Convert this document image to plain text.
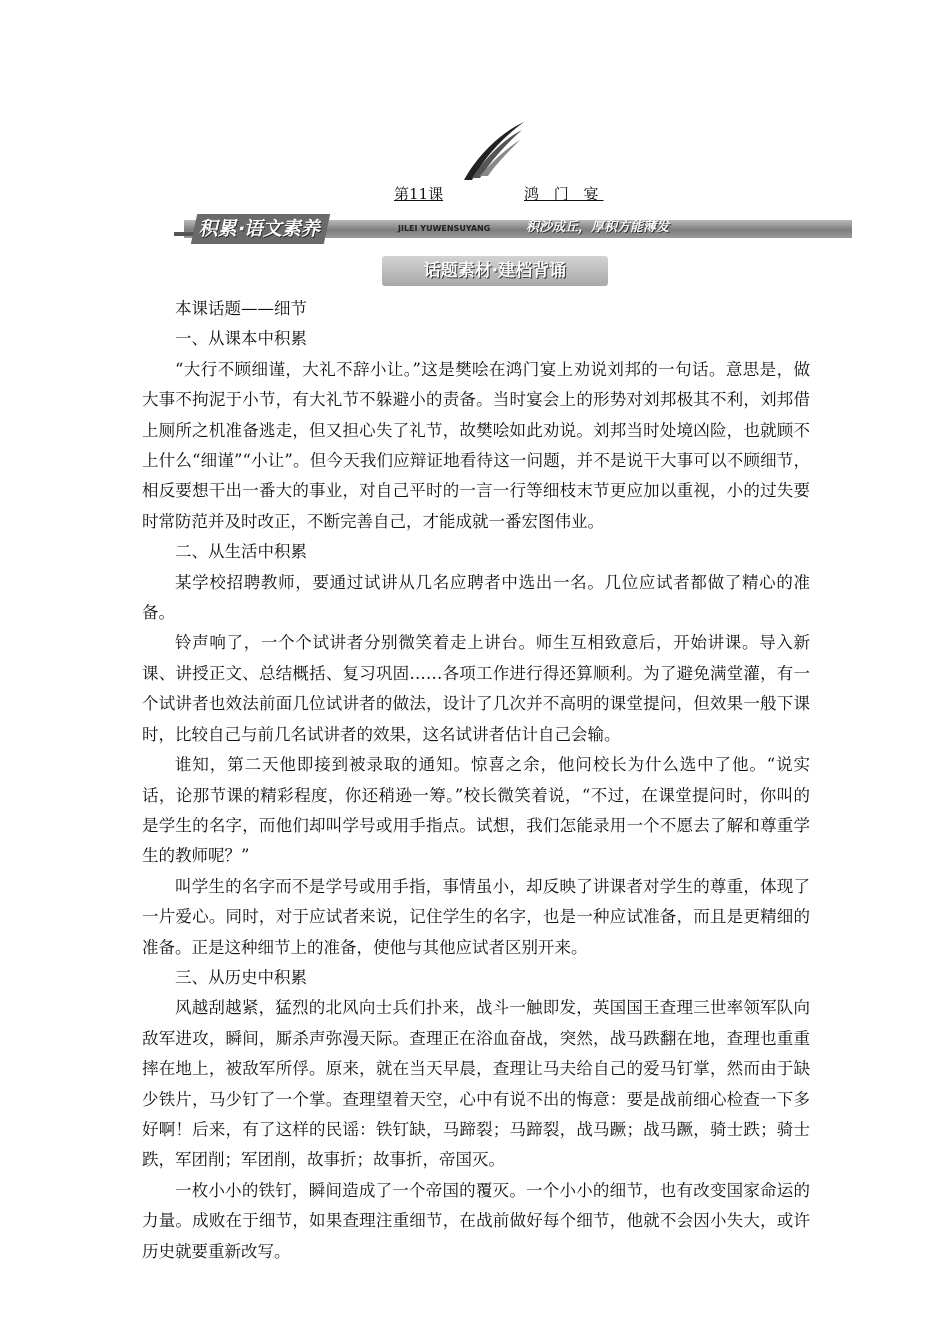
第11课	鸿 门 宴
积累·语文素养	JILEI YUWENSUYANG	积沙成丘，厚积方能薄发
话题素材·建档背诵

本课话题——细节

一、从课本中积累

“大行不顾细谨，大礼不辞小让。”这是樊哙在鸿门宴上劝说刘邦的一句话。意思是，做大事不拘泥于小节，有大礼节不躲避小的责备。当时宴会上的形势对刘邦极其不利，刘邦借上厕所之机准备逃走，但又担心失了礼节，故樊哙如此劝说。刘邦当时处境凶险，也就顾不上什么“细谨”“小让”。但今天我们应辩证地看待这一问题，并不是说干大事可以不顾细节，相反要想干出一番大的事业，对自己平时的一言一行等细枝末节更应加以重视，小的过失要时常防范并及时改正，不断完善自己，才能成就一番宏图伟业。

二、从生活中积累

某学校招聘教师，要通过试讲从几名应聘者中选出一名。几位应试者都做了精心的准备。

铃声响了，一个个试讲者分别微笑着走上讲台。师生互相致意后，开始讲课。导入新课、讲授正文、总结概括、复习巩固……各项工作进行得还算顺利。为了避免满堂灌，有一个试讲者也效法前面几位试讲者的做法，设计了几次并不高明的课堂提问，但效果一般下课时，比较自己与前几名试讲者的效果，这名试讲者估计自己会输。

谁知，第二天他即接到被录取的通知。惊喜之余，他问校长为什么选中了他。“说实话，论那节课的精彩程度，你还稍逊一筹。”校长微笑着说，“不过，在课堂提问时，你叫的是学生的名字，而他们却叫学号或用手指点。试想，我们怎能录用一个不愿去了解和尊重学生的教师呢？”

叫学生的名字而不是学号或用手指，事情虽小，却反映了讲课者对学生的尊重，体现了一片爱心。同时，对于应试者来说，记住学生的名字，也是一种应试准备，而且是更精细的准备。正是这种细节上的准备，使他与其他应试者区别开来。

三、从历史中积累

风越刮越紧，猛烈的北风向士兵们扑来，战斗一触即发，英国国王查理三世率领军队向敌军进攻，瞬间，厮杀声弥漫天际。查理正在浴血奋战，突然，战马跌翻在地，查理也重重摔在地上，被敌军所俘。原来，就在当天早晨，查理让马夫给自己的爱马钉掌，然而由于缺少铁片，马少钉了一个掌。查理望着天空，心中有说不出的悔意：要是战前细心检查一下多好啊！后来，有了这样的民谣：铁钉缺，马蹄裂；马蹄裂，战马蹶；战马蹶，骑士跌；骑士跌，军团削；军团削，故事折；故事折，帝国灭。

一枚小小的铁钉，瞬间造成了一个帝国的覆灭。一个小小的细节，也有改变国家命运的力量。成败在于细节，如果查理注重细节，在战前做好每个细节，他就不会因小失大，或许历史就要重新改写。
